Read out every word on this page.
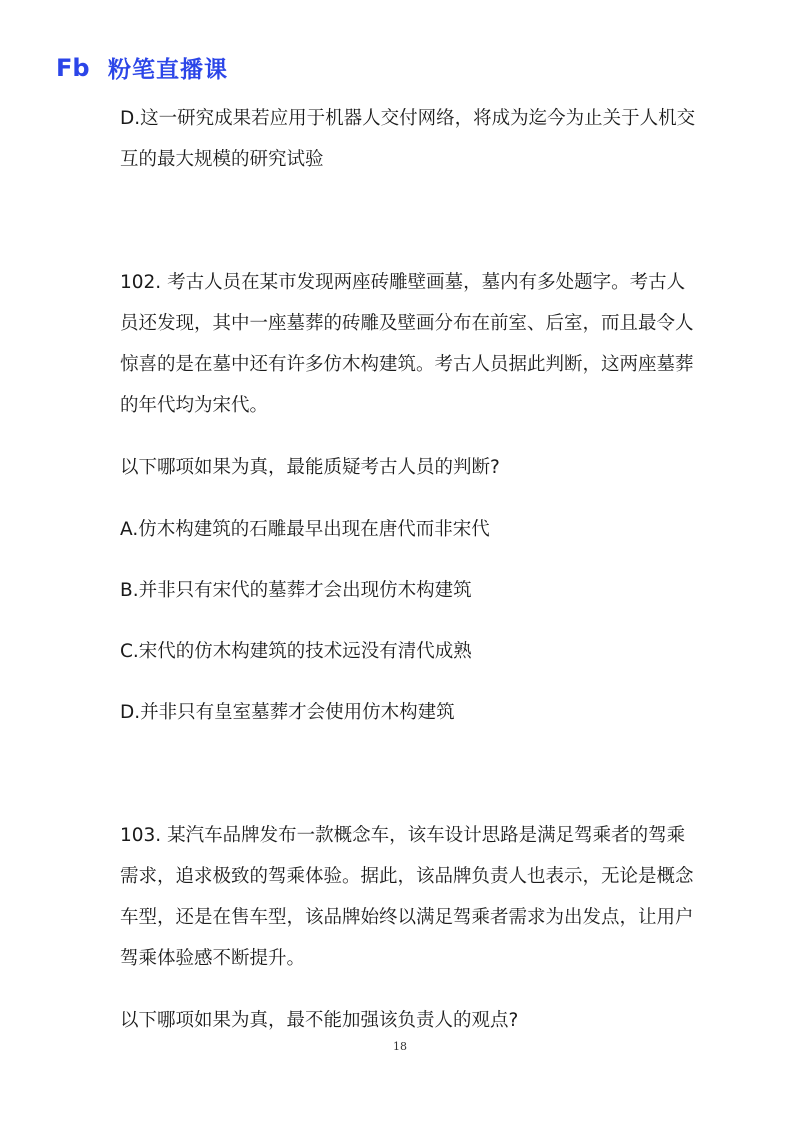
Fb 粉笔直播课
D.这一研究成果若应用于机器人交付网络，将成为迄今为止关于人机交
互的最大规模的研究试验
102. 考古人员在某市发现两座砖雕壁画墓，墓内有多处题字。考古人
员还发现，其中一座墓葬的砖雕及壁画分布在前室、后室，而且最令人
惊喜的是在墓中还有许多仿木构建筑。考古人员据此判断，这两座墓葬
的年代均为宋代。
以下哪项如果为真，最能质疑考古人员的判断?
A.仿木构建筑的石雕最早出现在唐代而非宋代
B.并非只有宋代的墓葬才会出现仿木构建筑
C.宋代的仿木构建筑的技术远没有清代成熟
D.并非只有皇室墓葬才会使用仿木构建筑
103. 某汽车品牌发布一款概念车，该车设计思路是满足驾乘者的驾乘
需求，追求极致的驾乘体验。据此，该品牌负责人也表示，无论是概念
车型，还是在售车型，该品牌始终以满足驾乘者需求为出发点，让用户
驾乘体验感不断提升。
以下哪项如果为真，最不能加强该负责人的观点?
18
